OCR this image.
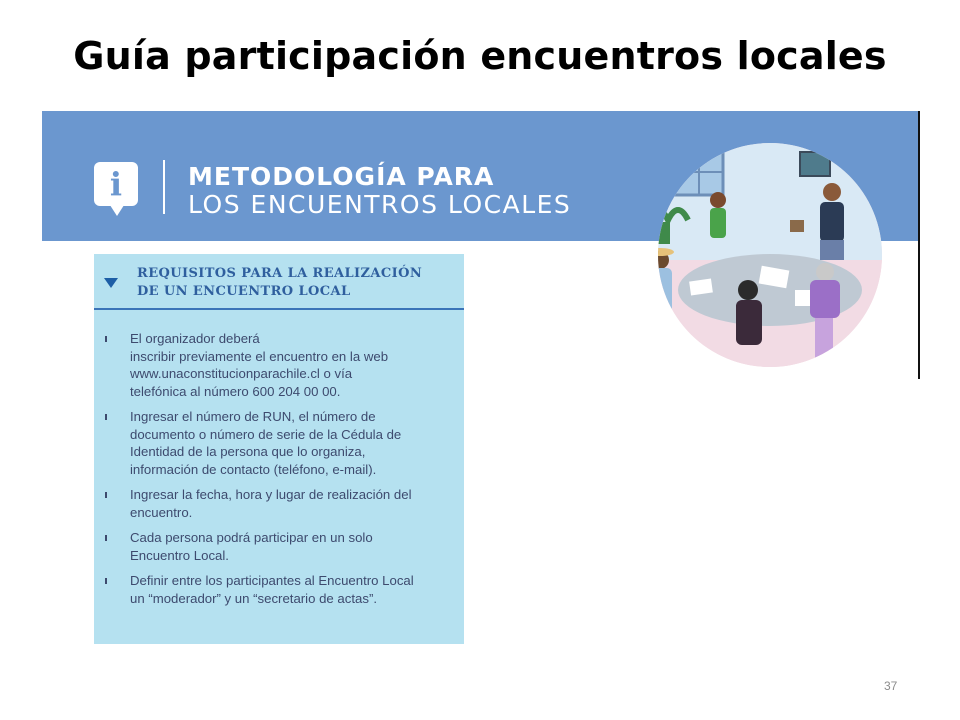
Guía participación encuentros locales
i	METODOLOGÍA PARA
LOS ENCUENTROS LOCALES
REQUISITOS PARA LA REALIZACIÓN
DE UN ENCUENTRO LOCAL
El organizador deberá
inscribir previamente el encuentro en la web
www.unaconstitucionparachile.cl o vía
telefónica al número 600 204 00 00.
Ingresar el número de RUN, el número de
documento o número de serie de la Cédula de
Identidad de la persona que lo organiza,
información de contacto (teléfono, e-mail).
Ingresar la fecha, hora y lugar de realización del
encuentro.
Cada persona podrá participar en un solo
Encuentro Local.
Definir entre los participantes al Encuentro Local
un “moderador” y un “secretario de actas”.
37
